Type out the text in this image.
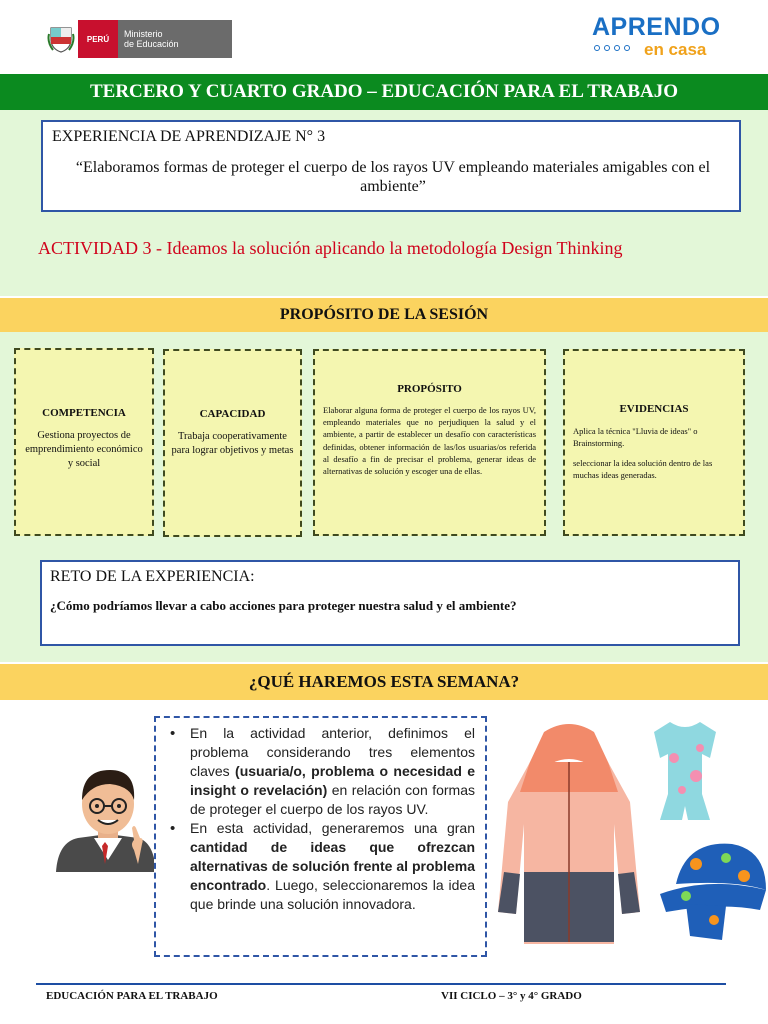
PERÚ	Ministerio
de Educación
APRENDO
en casa
TERCERO Y CUARTO GRADO – EDUCACIÓN PARA EL TRABAJO
EXPERIENCIA DE APRENDIZAJE N° 3
“Elaboramos formas de proteger el cuerpo de los rayos UV empleando materiales amigables con el ambiente”
ACTIVIDAD 3 - Ideamos la solución aplicando la metodología Design Thinking
PROPÓSITO DE LA SESIÓN
COMPETENCIA
Gestiona proyectos de emprendimiento económico y social
CAPACIDAD
Trabaja cooperativamente para lograr objetivos y metas
PROPÓSITO
Elaborar alguna forma de proteger el cuerpo de los rayos UV, empleando materiales que no perjudiquen la salud y el ambiente, a partir de establecer un desafío con características definidas, obtener información de las/los usuarias/os referida al desafío a fin de precisar el problema, generar ideas de alternativas de solución y escoger una de ellas.
EVIDENCIAS
Aplica la técnica "Lluvia de ideas" o Brainstorming.
seleccionar la idea solución dentro de las muchas ideas generadas.
RETO DE LA EXPERIENCIA:
¿Cómo podríamos llevar a cabo acciones para proteger nuestra salud y el ambiente?
¿QUÉ HAREMOS ESTA SEMANA?
• En la actividad anterior, definimos el problema considerando tres elementos claves (usuaria/o, problema o necesidad e insight o revelación) en relación con formas de proteger el cuerpo de los rayos UV.
• En esta actividad, generaremos una gran cantidad de ideas que ofrezcan alternativas de solución frente al problema encontrado. Luego, seleccionaremos la idea que brinde una solución innovadora.
EDUCACIÓN PARA EL TRABAJO	VII CICLO – 3° y 4° GRADO
